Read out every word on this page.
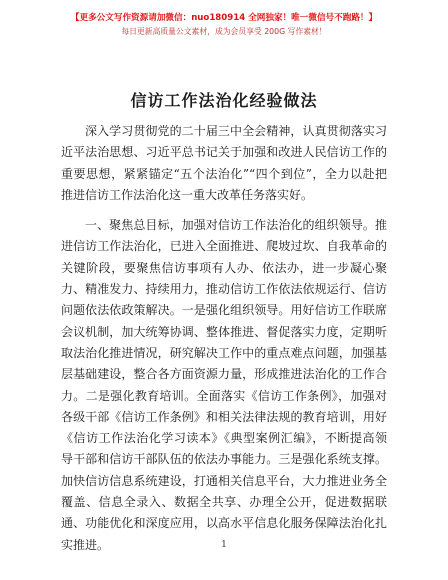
【更多公文写作资源请加微信：nuo180914 全网独家！唯一微信号不跑路！】
每日更新高质量公文素材，成为会员享受 200G 写作素材！
信访工作法治化经验做法
深入学习贯彻党的二十届三中全会精神，认真贯彻落实习
近平法治思想、习近平总书记关于加强和改进人民信访工作的
重要思想，紧紧锚定“五个法治化”“四个到位”，全力以赴把
推进信访工作法治化这一重大改革任务落实好。
一、聚焦总目标，加强对信访工作法治化的组织领导。推
进信访工作法治化，已进入全面推进、爬坡过坎、自我革命的
关键阶段，要聚焦信访事项有人办、依法办，进一步凝心聚
力、精准发力、持续用力，推动信访工作依法依规运行、信访
问题依法依政策解决。一是强化组织领导。用好信访工作联席
会议机制，加大统筹协调、整体推进、督促落实力度，定期听
取法治化推进情况，研究解决工作中的重点难点问题，加强基
层基础建设，整合各方面资源力量，形成推进法治化的工作合
力。二是强化教育培训。全面落实《信访工作条例》，加强对
各级干部《信访工作条例》和相关法律法规的教育培训，用好
《信访工作法治化学习读本》《典型案例汇编》，不断提高领
导干部和信访干部队伍的依法办事能力。三是强化系统支撑。
加快信访信息系统建设，打通相关信息平台，大力推进业务全
覆盖、信息全录入、数据全共享、办理全公开，促进数据联
通、功能优化和深度应用，以高水平信息化服务保障法治化扎
实推进。	1
